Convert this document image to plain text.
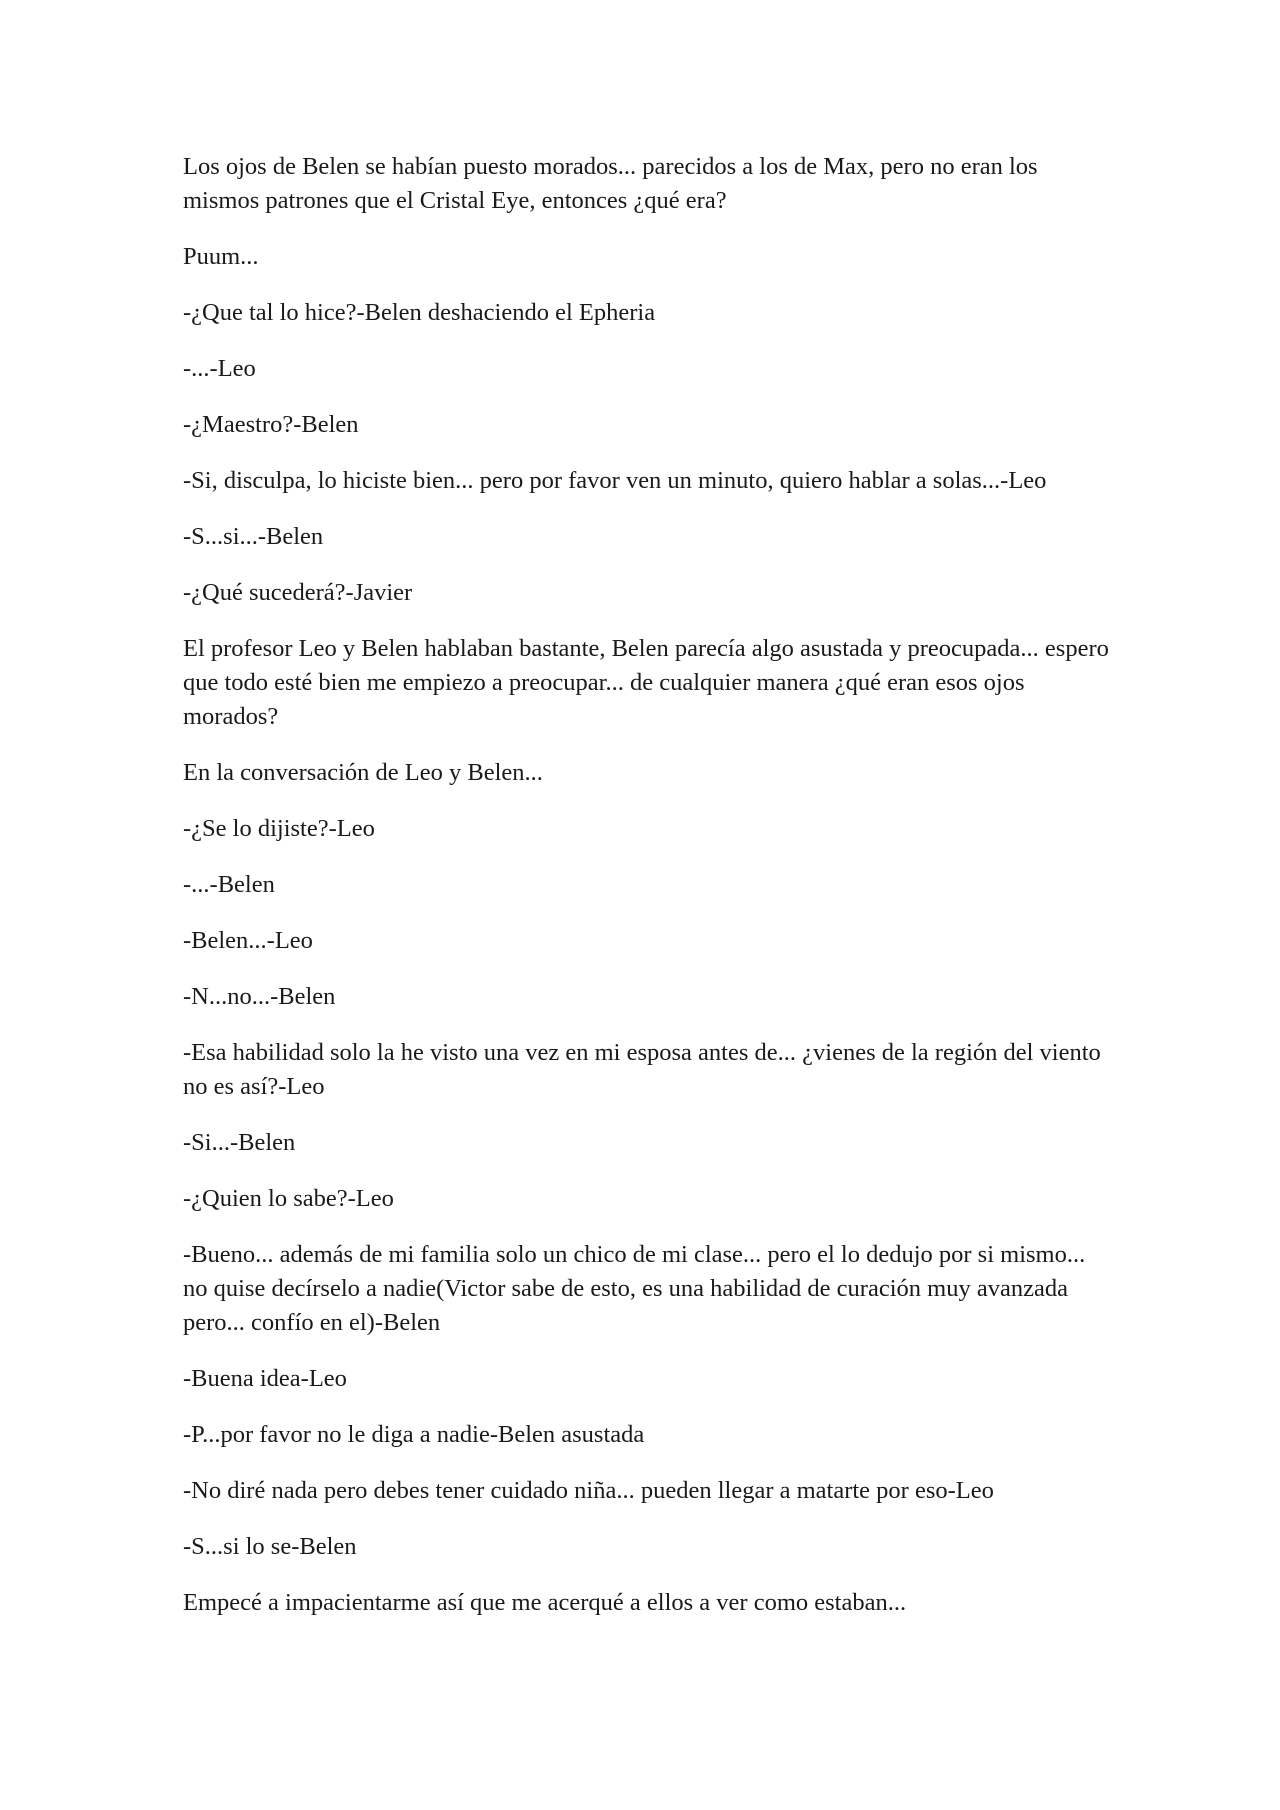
Los ojos de Belen se habían puesto morados... parecidos a los de Max, pero no eran los mismos patrones que el Cristal Eye, entonces ¿qué era?

Puum...

-¿Que tal lo hice?-Belen deshaciendo el Epheria

-...-Leo

-¿Maestro?-Belen

-Si, disculpa, lo hiciste bien... pero por favor ven un minuto, quiero hablar a solas...-Leo

-S...si...-Belen

-¿Qué sucederá?-Javier

El profesor Leo y Belen hablaban bastante, Belen parecía algo asustada y preocupada... espero que todo esté bien me empiezo a preocupar... de cualquier manera ¿qué eran esos ojos morados?

En la conversación de Leo y Belen...

-¿Se lo dijiste?-Leo

-...-Belen

-Belen...-Leo

-N...no...-Belen

-Esa habilidad solo la he visto una vez en mi esposa antes de... ¿vienes de la región del viento no es así?-Leo

-Si...-Belen

-¿Quien lo sabe?-Leo

-Bueno... además de mi familia solo un chico de mi clase... pero el lo dedujo por si mismo... no quise decírselo a nadie(Victor sabe de esto, es una habilidad de curación muy avanzada pero... confío en el)-Belen

-Buena idea-Leo

-P...por favor no le diga a nadie-Belen asustada

-No diré nada pero debes tener cuidado niña... pueden llegar a matarte por eso-Leo

-S...si lo se-Belen

Empecé a impacientarme así que me acerqué a ellos a ver como estaban...
